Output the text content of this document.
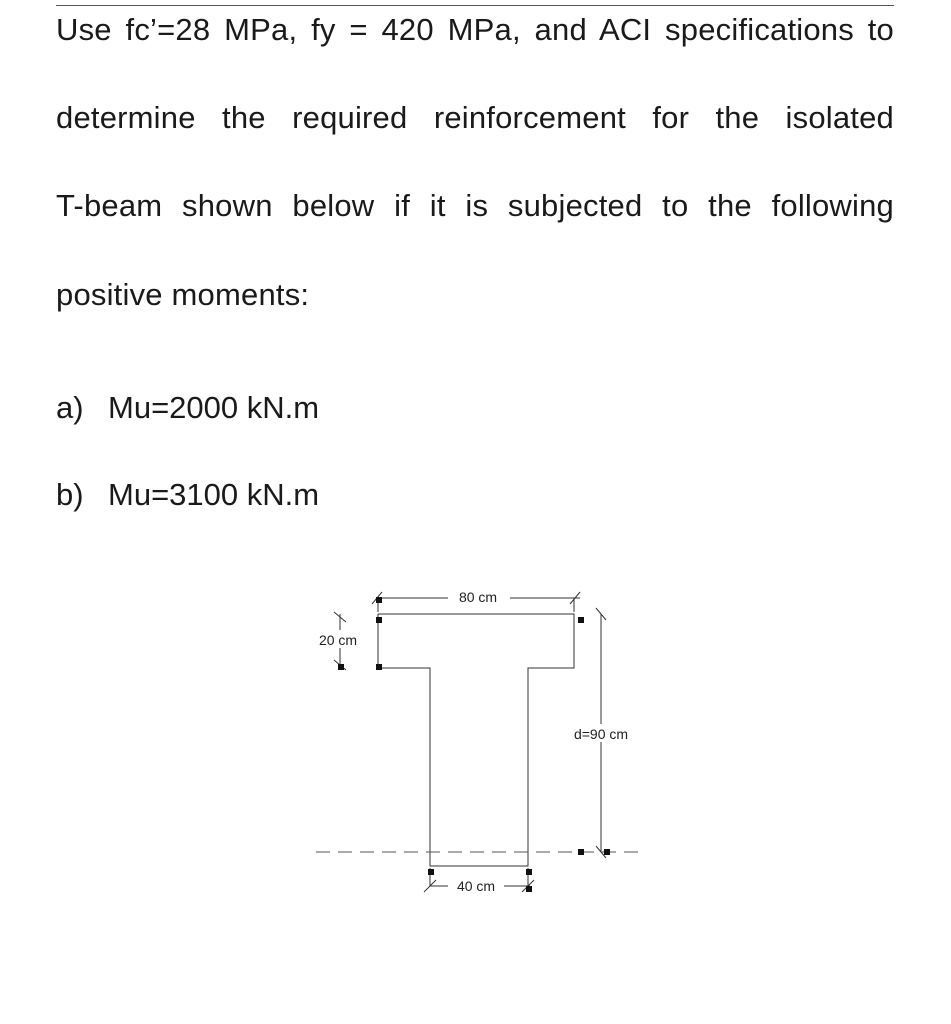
Use fc’=28 MPa, fy = 420 MPa, and ACI specifications to
determine the required reinforcement for the isolated
T-beam shown below if it is subjected to the following
positive moments:
a) Mu=2000 kN.m
b) Mu=3100 kN.m
80 cm
20 cm
d=90 cm
40 cm
